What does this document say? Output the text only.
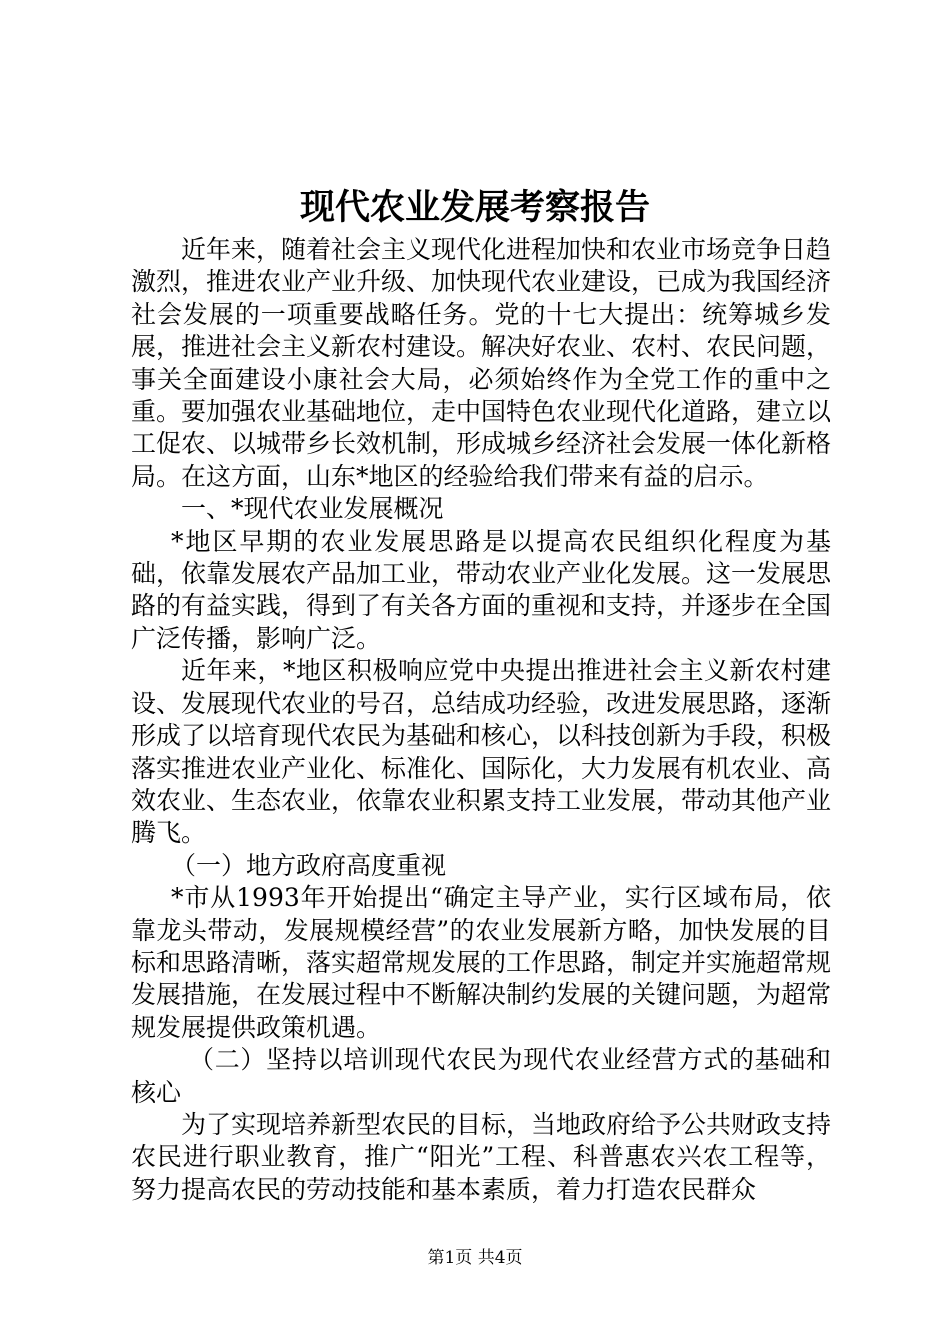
现代农业发展考察报告

近年来，随着社会主义现代化进程加快和农业市场竞争日趋激烈，推进农业产业升级、加快现代农业建设，已成为我国经济社会发展的一项重要战略任务。党的十七大提出：统筹城乡发展，推进社会主义新农村建设。解决好农业、农村、农民问题，事关全面建设小康社会大局，必须始终作为全党工作的重中之重。要加强农业基础地位，走中国特色农业现代化道路，建立以工促农、以城带乡长效机制，形成城乡经济社会发展一体化新格局。在这方面，山东*地区的经验给我们带来有益的启示。

一、*现代农业发展概况

*地区早期的农业发展思路是以提高农民组织化程度为基础，依靠发展农产品加工业，带动农业产业化发展。这一发展思路的有益实践，得到了有关各方面的重视和支持，并逐步在全国广泛传播，影响广泛。

近年来，*地区积极响应党中央提出推进社会主义新农村建设、发展现代农业的号召，总结成功经验，改进发展思路，逐渐形成了以培育现代农民为基础和核心，以科技创新为手段，积极落实推进农业产业化、标准化、国际化，大力发展有机农业、高效农业、生态农业，依靠农业积累支持工业发展，带动其他产业腾飞。

（一）地方政府高度重视

*市从1993年开始提出“确定主导产业，实行区域布局，依靠龙头带动，发展规模经营”的农业发展新方略，加快发展的目标和思路清晰，落实超常规发展的工作思路，制定并实施超常规发展措施，在发展过程中不断解决制约发展的关键问题，为超常规发展提供政策机遇。

（二）坚持以培训现代农民为现代农业经营方式的基础和核心

为了实现培养新型农民的目标，当地政府给予公共财政支持农民进行职业教育，推广“阳光”工程、科普惠农兴农工程等，努力提高农民的劳动技能和基本素质，着力打造农民群众

第1页 共4页
